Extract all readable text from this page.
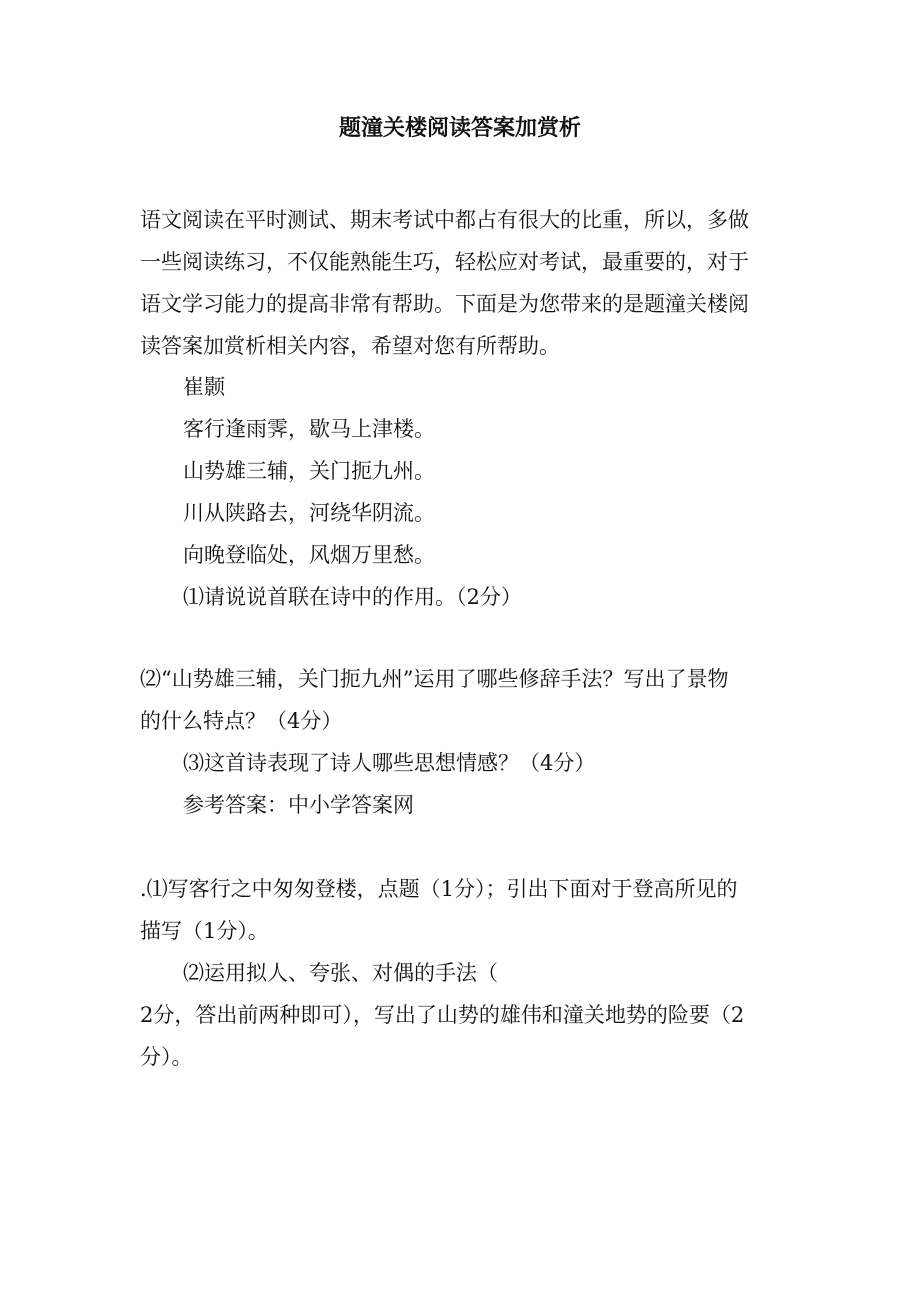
题潼关楼阅读答案加赏析
语文阅读在平时测试、期末考试中都占有很大的比重，所以，多做
一些阅读练习，不仅能熟能生巧，轻松应对考试，最重要的，对于
语文学习能力的提高非常有帮助。下面是为您带来的是题潼关楼阅
读答案加赏析相关内容，希望对您有所帮助。
崔颢
客行逢雨霁，歇马上津楼。
山势雄三辅，关门扼九州。
川从陕路去，河绕华阴流。
向晚登临处，风烟万里愁。
⑴请说说首联在诗中的作用。（2分）
⑵“山势雄三辅，关门扼九州”运用了哪些修辞手法？写出了景物
的什么特点？（4分）
⑶这首诗表现了诗人哪些思想情感？（4分）
参考答案：中小学答案网
.⑴写客行之中匆匆登楼，点题（1分）；引出下面对于登高所见的
描写（1分）。
⑵运用拟人、夸张、对偶的手法（
2分，答出前两种即可），写出了山势的雄伟和潼关地势的险要（2
分）。
